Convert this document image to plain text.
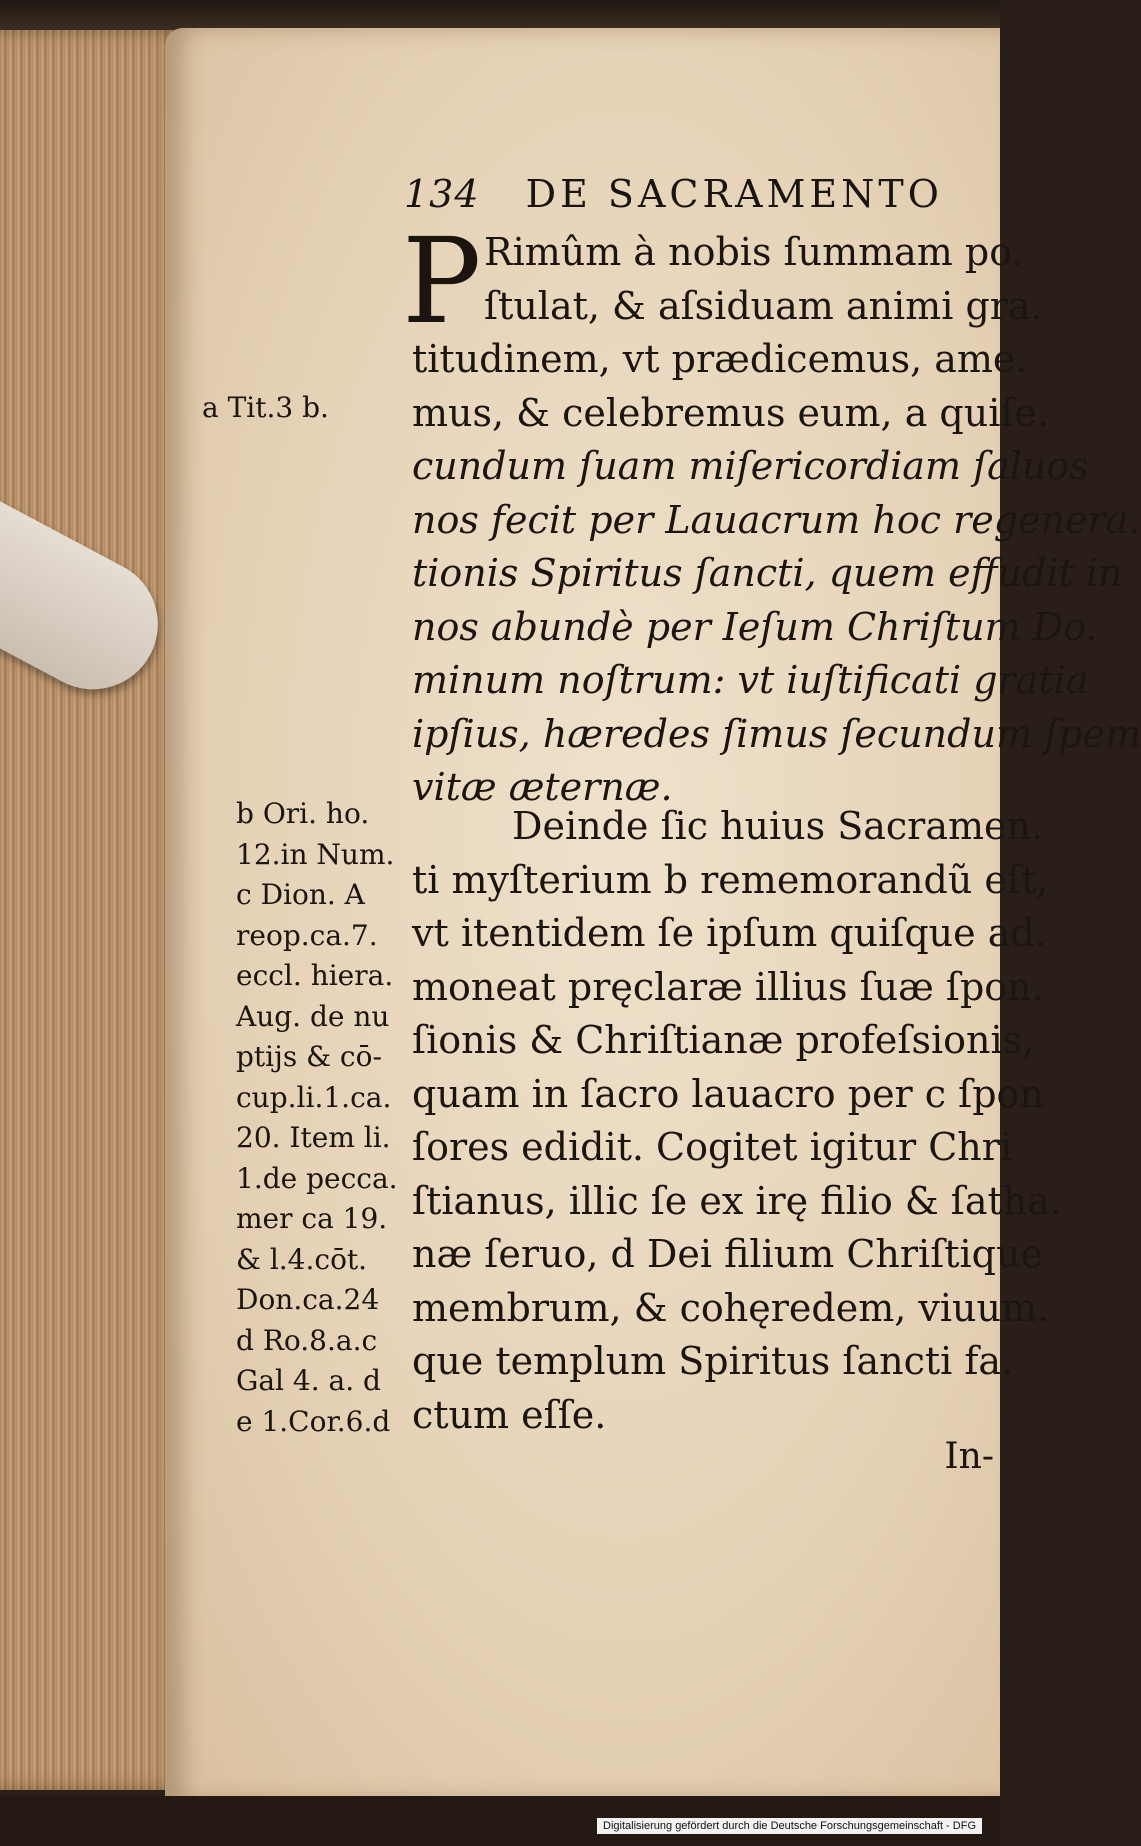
134 DE SACRAMENTO
P Rimûm à nobis ſummam po.
ſtulat, & aſsiduam animi gra.
titudinem, vt prædicemus, ame.
mus, & celebremus eum, a quiſe.
cundum ſuam miſericordiam ſaluos
nos fecit per Lauacrum hoc regenera.
tionis Spiritus ſancti, quem effudit in
nos abundè per Ieſum Chriſtum Do.
minum noſtrum: vt iuſtificati gratia
ipſius, hæredes ſimus ſecundum ſpem
vitæ æternæ.
Deinde ſic huius Sacramen.
ti myſterium b rememorandũ eſt,
vt itentidem ſe ipſum quiſque ad.
moneat pręclaræ illius ſuæ ſpon.
ſionis & Chriſtianæ profeſsionis,
quam in ſacro lauacro per c ſpon
ſores edidit. Cogitet igitur Chri
ſtianus, illic ſe ex irę filio & ſatha.
næ ſeruo, d Dei filium Chriſtique
membrum, & cohęredem, viuum.
que templum Spiritus ſancti fa.
ctum eſſe.
a Tit.3 b.
b Ori. ho.
12.in Num.
c Dion. A
reop.ca.7.
eccl. hiera.
Aug. de nu
ptijs & cō-
cup.li.1.ca.
20. Item li.
1.de pecca.
mer ca 19.
& l.4.cōt.
Don.ca.24
d Ro.8.a.c
Gal 4. a. d
e 1.Cor.6.d
In-
Digitalisierung gefördert durch die Deutsche Forschungsgemeinschaft - DFG
